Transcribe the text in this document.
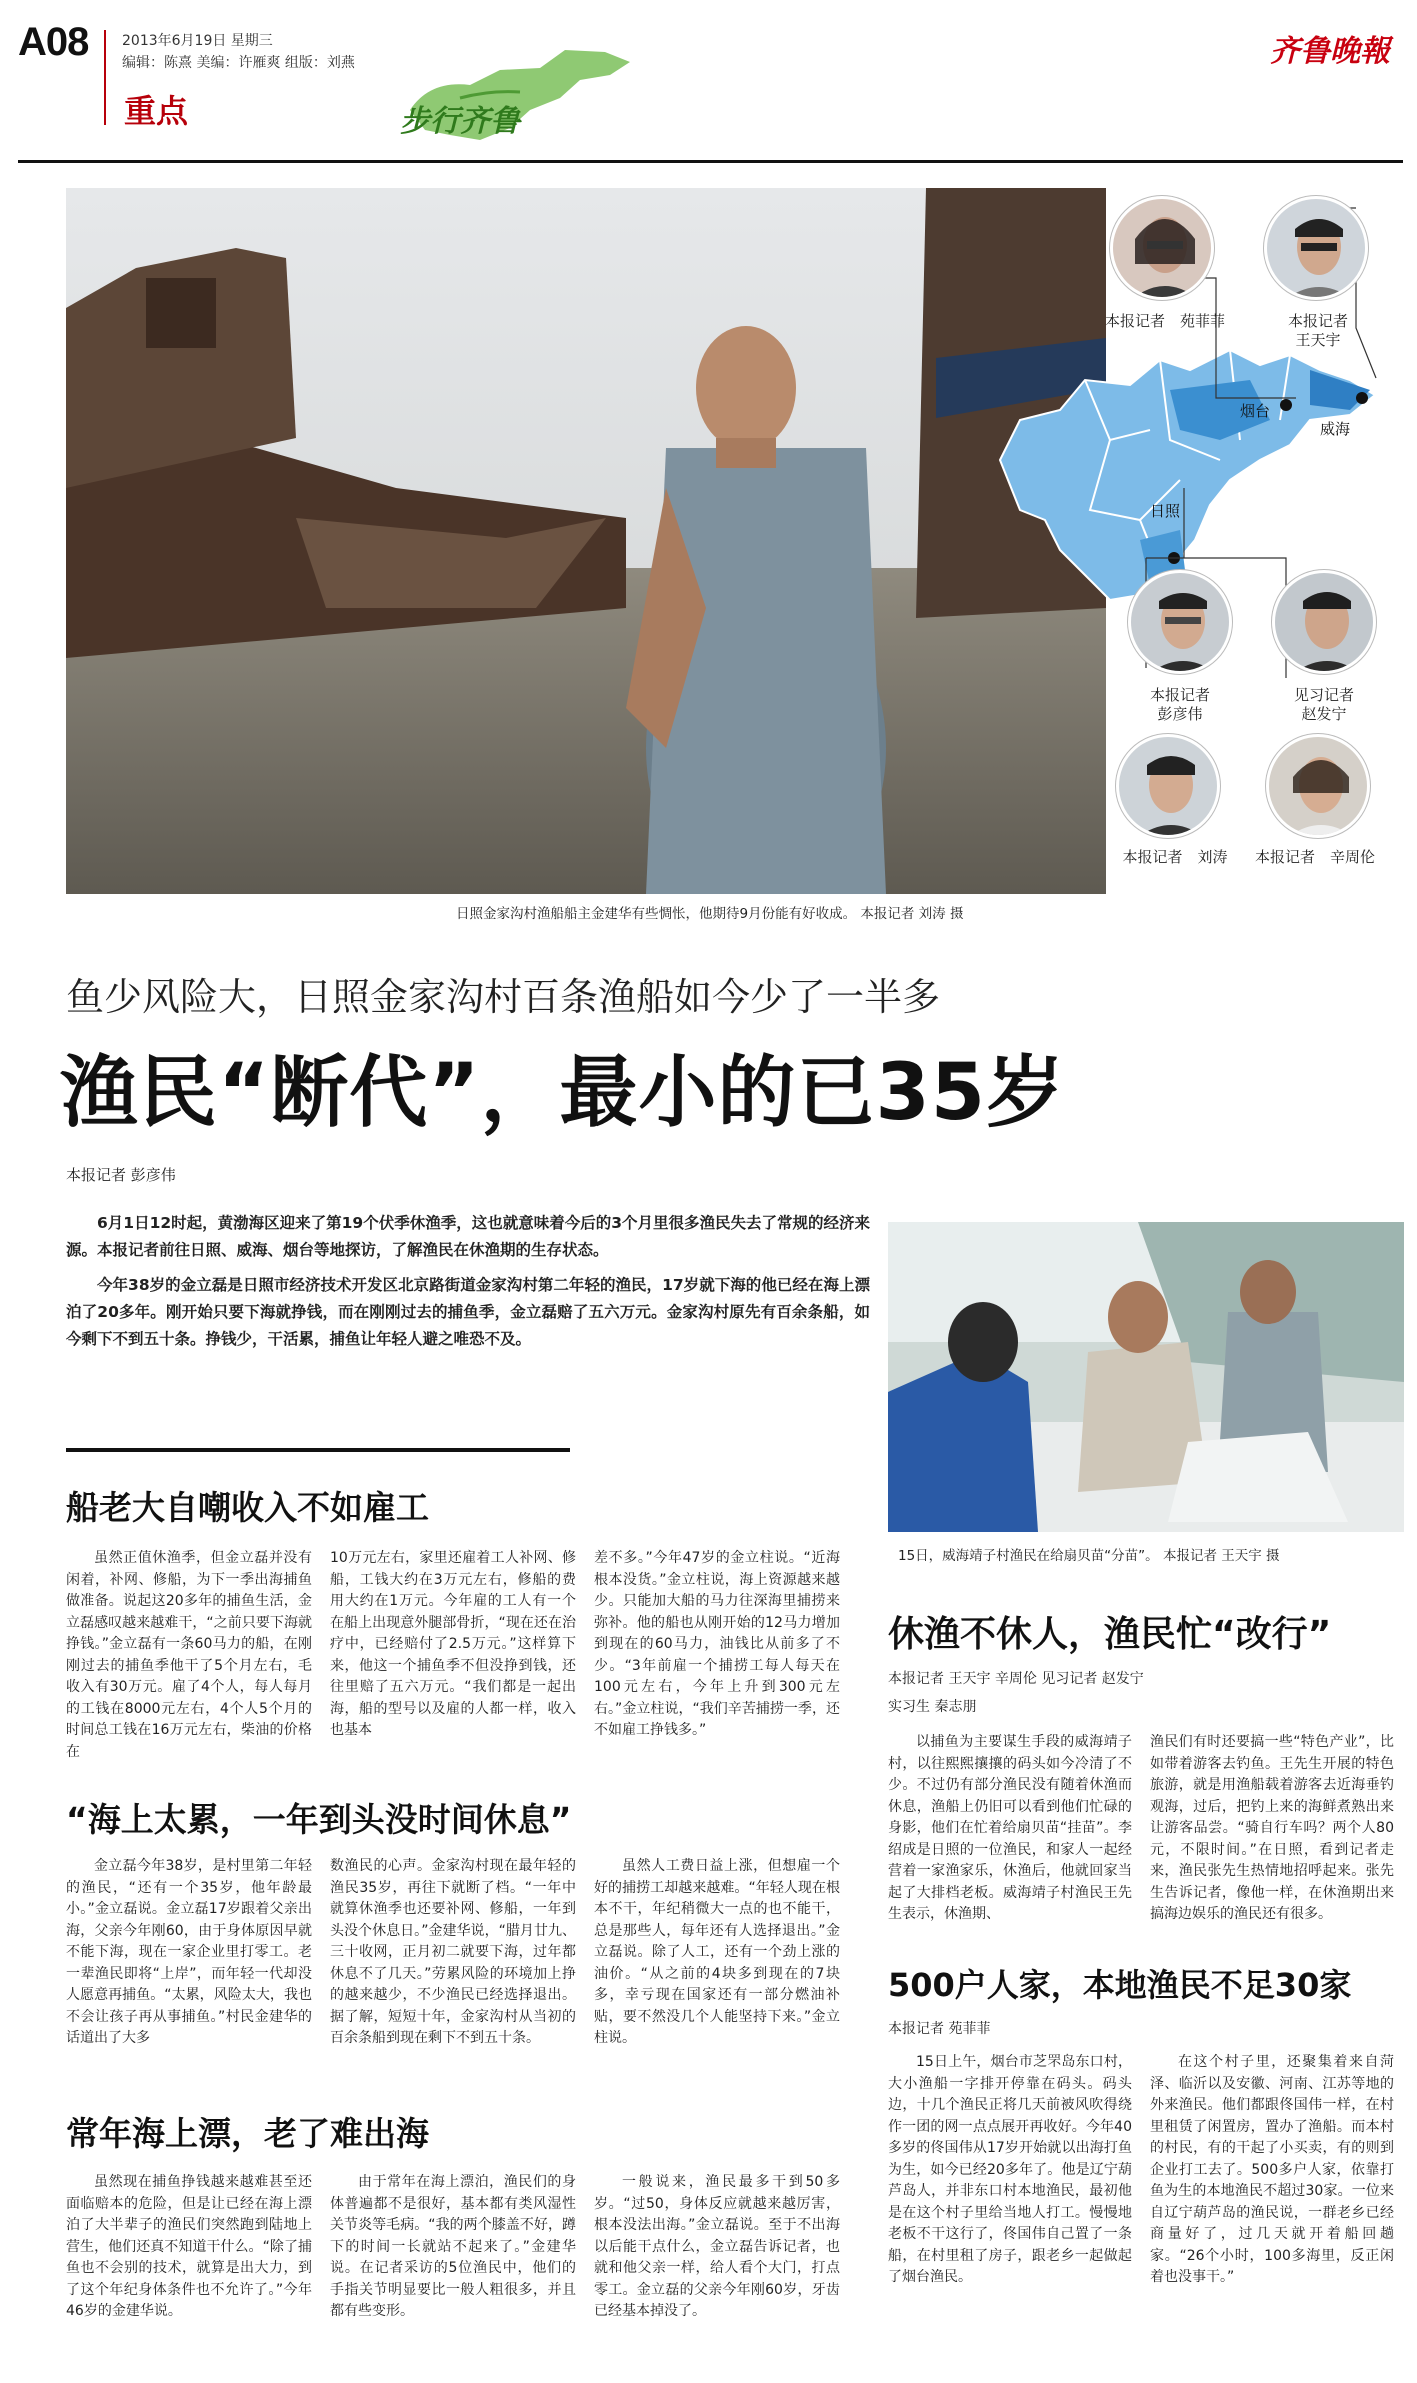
A08 2013年6月19日 星期三
编辑：陈熹 美编：许雁爽 组版：刘燕
重点	步行齐鲁
齐鲁晚報
烟台
威海
日照
本报记者　 苑菲菲	本报记者
王天宇
本报记者
彭彦伟
见习记者
赵发宁
本报记者　 刘涛	本报记者　 辛周伦
日照金家沟村渔船船主金建华有些惆怅，他期待9月份能有好收成。 本报记者 刘涛 摄
鱼少风险大，日照金家沟村百条渔船如今少了一半多
渔民“断代”，最小的已35岁
本报记者 彭彦伟

6月1日12时起，黄渤海区迎来了第19个伏季休渔季，这也就意味着今后的3个月里很多渔民失去了常规的经济来源。本报记者前往日照、威海、烟台等地探访，了解渔民在休渔期的生存状态。

今年38岁的金立磊是日照市经济技术开发区北京路街道金家沟村第二年轻的渔民，17岁就下海的他已经在海上漂泊了20多年。刚开始只要下海就挣钱，而在刚刚过去的捕鱼季，金立磊赔了五六万元。金家沟村原先有百余条船，如今剩下不到五十条。挣钱少，干活累，捕鱼让年轻人避之唯恐不及。

船老大自嘲收入不如雇工

虽然正值休渔季，但金立磊并没有闲着，补网、修船，为下一季出海捕鱼做准备。说起这20多年的捕鱼生活，金立磊感叹越来越难干，“之前只要下海就挣钱。”金立磊有一条60马力的船，在刚刚过去的捕鱼季他干了5个月左右，毛收入有30万元。雇了4个人，每人每月的工钱在8000元左右，4个人5个月的时间总工钱在16万元左右，柴油的价格在

10万元左右，家里还雇着工人补网、修船，工钱大约在3万元左右，修船的费用大约在1万元。今年雇的工人有一个在船上出现意外腿部骨折，“现在还在治疗中，已经赔付了2.5万元。”这样算下来，他这一个捕鱼季不但没挣到钱，还往里赔了五六万元。“我们都是一起出海，船的型号以及雇的人都一样，收入也基本

差不多。”今年47岁的金立柱说。“近海根本没货。”金立柱说，海上资源越来越少。只能加大船的马力往深海里捕捞来弥补。他的船也从刚开始的12马力增加到现在的60马力，油钱比从前多了不少。“3年前雇一个捕捞工每人每天在100元左右，今年上升到300元左右。”金立柱说，“我们辛苦捕捞一季，还不如雇工挣钱多。”

“海上太累，一年到头没时间休息”

金立磊今年38岁，是村里第二年轻的渔民，“还有一个35岁，他年龄最小。”金立磊说。金立磊17岁跟着父亲出海，父亲今年刚60，由于身体原因早就不能下海，现在一家企业里打零工。老一辈渔民即将“上岸”，而年轻一代却没人愿意再捕鱼。“太累，风险太大，我也不会让孩子再从事捕鱼。”村民金建华的话道出了大多

数渔民的心声。金家沟村现在最年轻的渔民35岁，再往下就断了档。“一年中就算休渔季也还要补网、修船，一年到头没个休息日。”金建华说，“腊月廿九、三十收网，正月初二就要下海，过年都休息不了几天。”劳累风险的环境加上挣的越来越少，不少渔民已经选择退出。据了解，短短十年，金家沟村从当初的百余条船到现在剩下不到五十条。

虽然人工费日益上涨，但想雇一个好的捕捞工却越来越难。“年轻人现在根本不干，年纪稍微大一点的也不能干，总是那些人，每年还有人选择退出。”金立磊说。除了人工，还有一个劲上涨的油价。“从之前的4块多到现在的7块多，幸亏现在国家还有一部分燃油补贴，要不然没几个人能坚持下来。”金立柱说。

常年海上漂，老了难出海

虽然现在捕鱼挣钱越来越难甚至还面临赔本的危险，但是让已经在海上漂泊了大半辈子的渔民们突然跑到陆地上营生，他们还真不知道干什么。“除了捕鱼也不会别的技术，就算是出大力，到了这个年纪身体条件也不允许了。”今年46岁的金建华说。

由于常年在海上漂泊，渔民们的身体普遍都不是很好，基本都有类风湿性关节炎等毛病。“我的两个膝盖不好，蹲下的时间一长就站不起来了。”金建华说。在记者采访的5位渔民中，他们的手指关节明显要比一般人粗很多，并且都有些变形。

一般说来，渔民最多干到50多岁。“过50，身体反应就越来越厉害，根本没法出海。”金立磊说。至于不出海以后能干点什么，金立磊告诉记者，也就和他父亲一样，给人看个大门，打点零工。金立磊的父亲今年刚60岁，牙齿已经基本掉没了。

15日，威海靖子村渔民在给扇贝苗“分苗”。 本报记者 王天宇 摄
休渔不休人，渔民忙“改行”
本报记者 王天宇 辛周伦 见习记者 赵发宁
实习生 秦志朋

以捕鱼为主要谋生手段的威海靖子村，以往熙熙攘攘的码头如今冷清了不少。不过仍有部分渔民没有随着休渔而休息，渔船上仍旧可以看到他们忙碌的身影，他们在忙着给扇贝苗“挂苗”。李绍成是日照的一位渔民，和家人一起经营着一家渔家乐，休渔后，他就回家当起了大排档老板。威海靖子村渔民王先生表示，休渔期、

渔民们有时还要搞一些“特色产业”，比如带着游客去钓鱼。王先生开展的特色旅游，就是用渔船载着游客去近海垂钓观海，过后，把钓上来的海鲜煮熟出来让游客品尝。“骑自行车吗？两个人80元，不限时间。”在日照，看到记者走来，渔民张先生热情地招呼起来。张先生告诉记者，像他一样，在休渔期出来搞海边娱乐的渔民还有很多。

500户人家，本地渔民不足30家
本报记者 苑菲菲

15日上午，烟台市芝罘岛东口村，大小渔船一字排开停靠在码头。码头边，十几个渔民正将几天前被风吹得绕作一团的网一点点展开再收好。今年40多岁的佟国伟从17岁开始就以出海打鱼为生，如今已经20多年了。他是辽宁葫芦岛人，并非东口村本地渔民，最初他是在这个村子里给当地人打工。慢慢地老板不干这行了，佟国伟自己置了一条船，在村里租了房子，跟老乡一起做起了烟台渔民。

在这个村子里，还聚集着来自菏泽、临沂以及安徽、河南、江苏等地的外来渔民。他们都跟佟国伟一样，在村里租赁了闲置房，置办了渔船。而本村的村民，有的干起了小买卖，有的则到企业打工去了。500多户人家，依靠打鱼为生的本地渔民不超过30家。一位来自辽宁葫芦岛的渔民说，一群老乡已经商量好了，过几天就开着船回趟家。“26个小时，100多海里，反正闲着也没事干。”
